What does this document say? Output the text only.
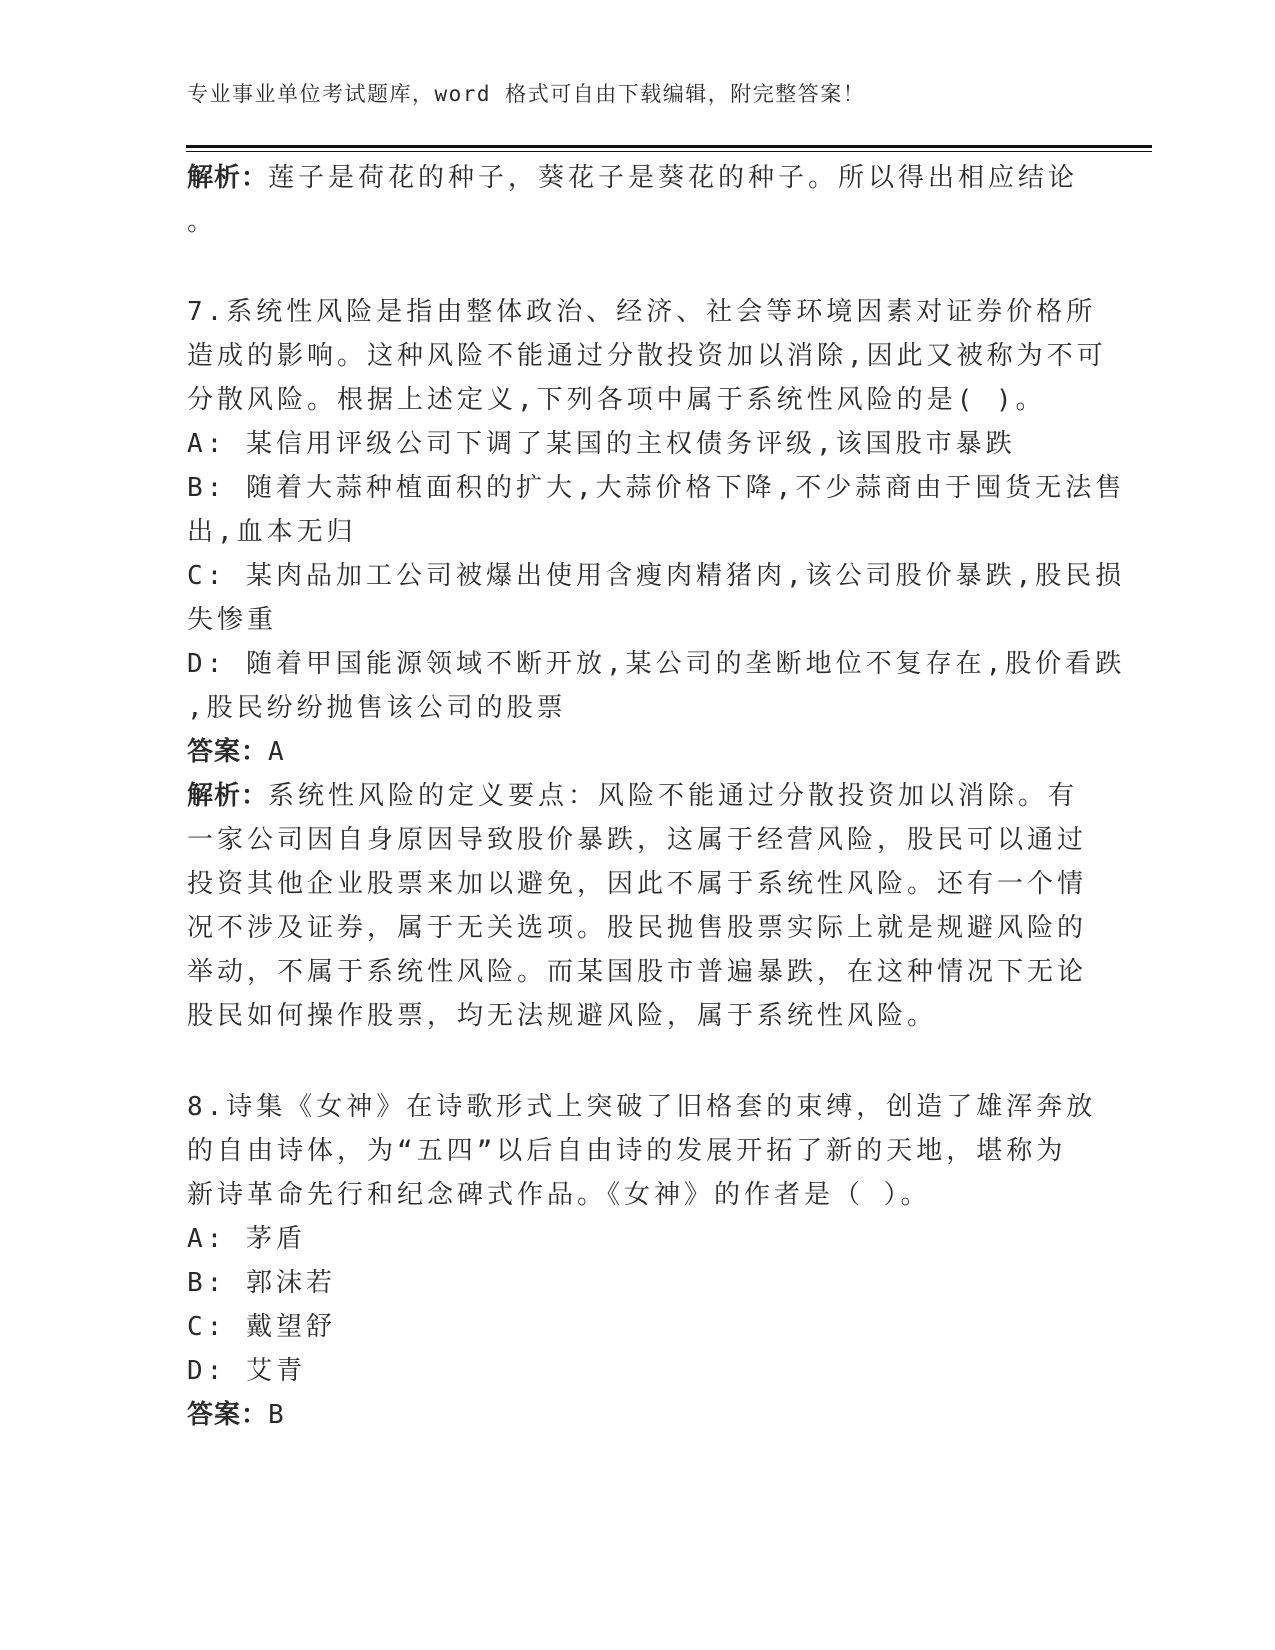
专业事业单位考试题库，word 格式可自由下载编辑，附完整答案！
解析：莲子是荷花的种子，葵花子是葵花的种子。所以得出相应结论
。
7.系统性风险是指由整体政治、经济、社会等环境因素对证券价格所
造成的影响。这种风险不能通过分散投资加以消除,因此又被称为不可
分散风险。根据上述定义,下列各项中属于系统性风险的是( )。
A: 某信用评级公司下调了某国的主权债务评级,该国股市暴跌
B: 随着大蒜种植面积的扩大,大蒜价格下降,不少蒜商由于囤货无法售
出,血本无归
C: 某肉品加工公司被爆出使用含瘦肉精猪肉,该公司股价暴跌,股民损
失惨重
D: 随着甲国能源领域不断开放,某公司的垄断地位不复存在,股价看跌
,股民纷纷抛售该公司的股票
答案：A
解析：系统性风险的定义要点：风险不能通过分散投资加以消除。有
一家公司因自身原因导致股价暴跌，这属于经营风险，股民可以通过
投资其他企业股票来加以避免，因此不属于系统性风险。还有一个情
况不涉及证券，属于无关选项。股民抛售股票实际上就是规避风险的
举动，不属于系统性风险。而某国股市普遍暴跌，在这种情况下无论
股民如何操作股票，均无法规避风险，属于系统性风险。
8.诗集《女神》在诗歌形式上突破了旧格套的束缚，创造了雄浑奔放
的自由诗体，为“五四”以后自由诗的发展开拓了新的天地，堪称为
新诗革命先行和纪念碑式作品。《女神》的作者是（ ）。
A: 茅盾
B: 郭沫若
C: 戴望舒
D: 艾青
答案：B
